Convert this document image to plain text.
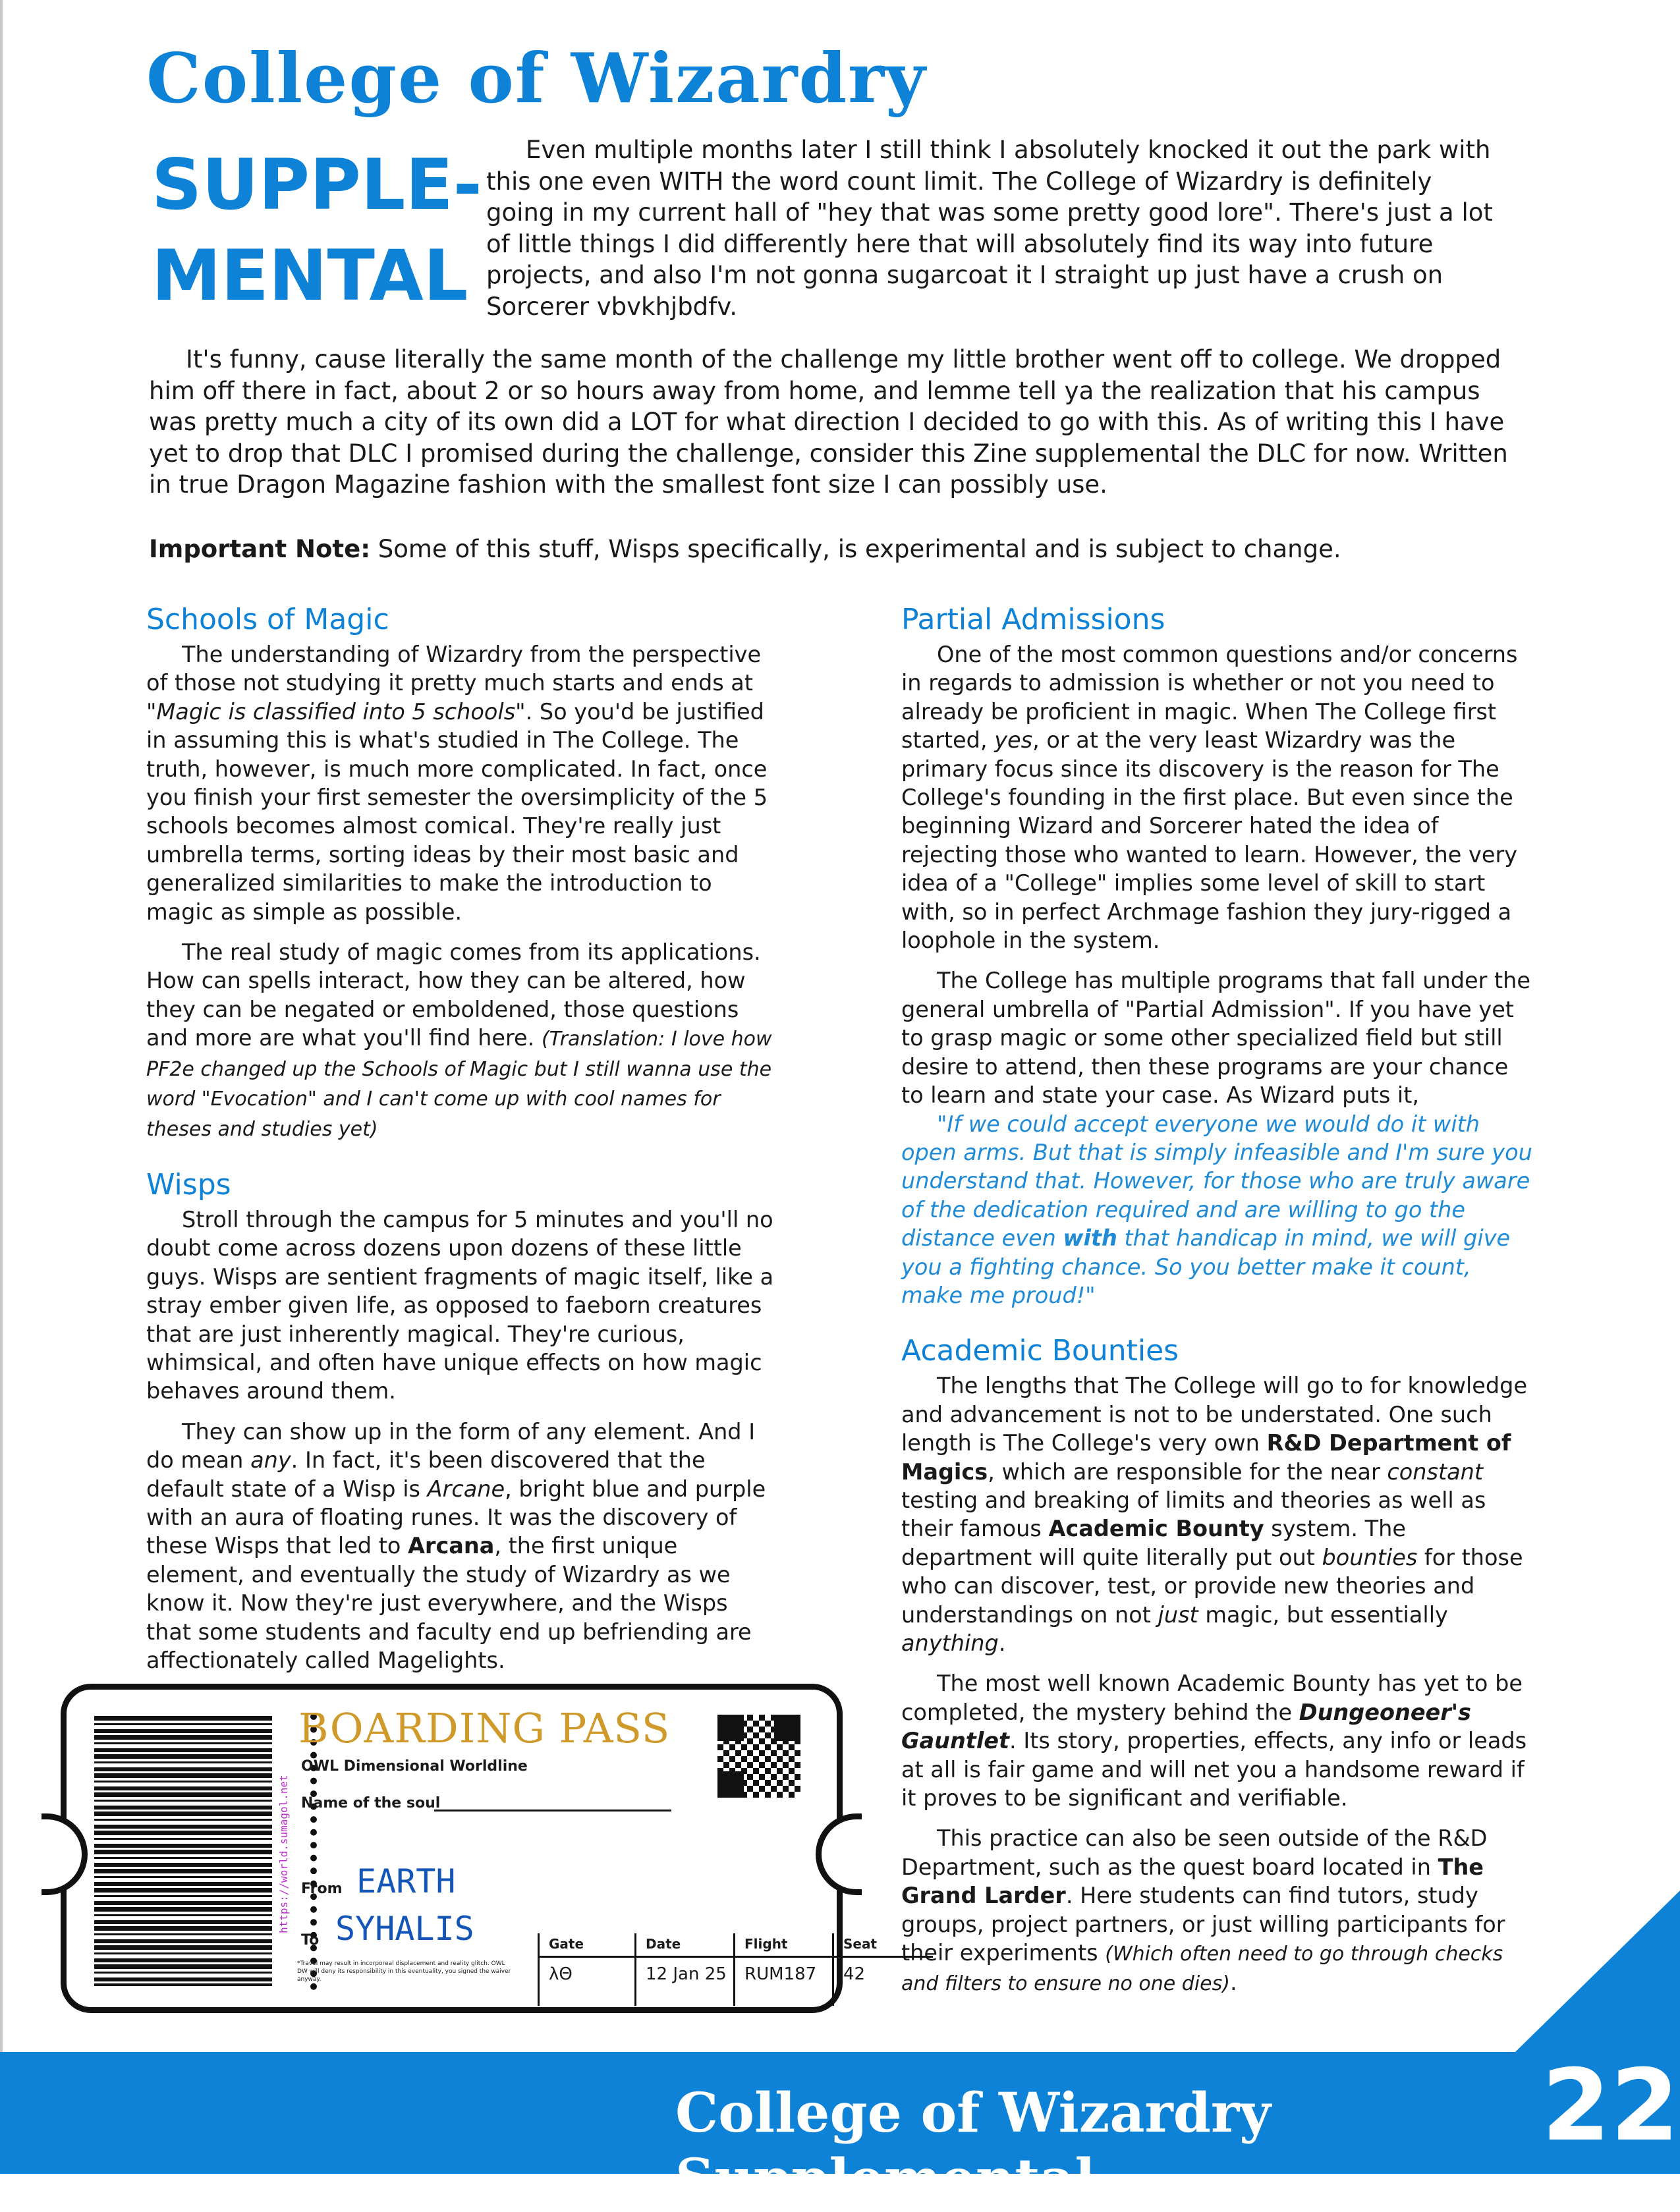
College of Wizardry
SUPPLE-
MENTAL

Even multiple months later I still think I absolutely knocked it out the park with this one even WITH the word count limit. The College of Wizardry is definitely going in my current hall of "hey that was some pretty good lore". There's just a lot of little things I did differently here that will absolutely find its way into future projects, and also I'm not gonna sugarcoat it I straight up just have a crush on Sorcerer vbvkhjbdfv.

It's funny, cause literally the same month of the challenge my little brother went off to college. We dropped him off there in fact, about 2 or so hours away from home, and lemme tell ya the realization that his campus was pretty much a city of its own did a LOT for what direction I decided to go with this. As of writing this I have yet to drop that DLC I promised during the challenge, consider this Zine supplemental the DLC for now. Written in true Dragon Magazine fashion with the smallest font size I can possibly use.

Important Note: Some of this stuff, Wisps specifically, is experimental and is subject to change.

Schools of Magic

The understanding of Wizardry from the perspective of those not studying it pretty much starts and ends at "Magic is classified into 5 schools". So you'd be justified in assuming this is what's studied in The College. The truth, however, is much more complicated. In fact, once you finish your first semester the oversimplicity of the 5 schools becomes almost comical. They're really just umbrella terms, sorting ideas by their most basic and generalized similarities to make the introduction to magic as simple as possible.

The real study of magic comes from its applications. How can spells interact, how they can be altered, how they can be negated or emboldened, those questions and more are what you'll find here. (Translation: I love how PF2e changed up the Schools of Magic but I still wanna use the word "Evocation" and I can't come up with cool names for theses and studies yet)

Wisps

Stroll through the campus for 5 minutes and you'll no doubt come across dozens upon dozens of these little guys. Wisps are sentient fragments of magic itself, like a stray ember given life, as opposed to faeborn creatures that are just inherently magical. They're curious, whimsical, and often have unique effects on how magic behaves around them.

They can show up in the form of any element. And I do mean any. In fact, it's been discovered that the default state of a Wisp is Arcane, bright blue and purple with an aura of floating runes. It was the discovery of these Wisps that led to Arcana, the first unique element, and eventually the study of Wizardry as we know it. Now they're just everywhere, and the Wisps that some students and faculty end up befriending are affectionately called Magelights.

Partial Admissions

One of the most common questions and/or concerns in regards to admission is whether or not you need to already be proficient in magic. When The College first started, yes, or at the very least Wizardry was the primary focus since its discovery is the reason for The College's founding in the first place. But even since the beginning Wizard and Sorcerer hated the idea of rejecting those who wanted to learn. However, the very idea of a "College" implies some level of skill to start with, so in perfect Archmage fashion they jury-rigged a loophole in the system.

The College has multiple programs that fall under the general umbrella of "Partial Admission". If you have yet to grasp magic or some other specialized field but still desire to attend, then these programs are your chance to learn and state your case. As Wizard puts it,

"If we could accept everyone we would do it with open arms. But that is simply infeasible and I'm sure you understand that. However, for those who are truly aware of the dedication required and are willing to go the distance even with that handicap in mind, we will give you a fighting chance. So you better make it count, make me proud!"

Academic Bounties

The lengths that The College will go to for knowledge and advancement is not to be understated. One such length is The College's very own R&D Department of Magics, which are responsible for the near constant testing and breaking of limits and theories as well as their famous Academic Bounty system. The department will quite literally put out bounties for those who can discover, test, or provide new theories and understandings on not just magic, but essentially anything.

The most well known Academic Bounty has yet to be completed, the mystery behind the Dungeoneer's Gauntlet. Its story, properties, effects, any info or leads at all is fair game and will net you a handsome reward if it proves to be significant and verifiable.

This practice can also be seen outside of the R&D Department, such as the quest board located in The Grand Larder. Here students can find tutors, study groups, project partners, or just willing participants for their experiments (Which often need to go through checks and filters to ensure no one dies).

https://world.sumagol.net
BOARDING PASS
OWL Dimensional Worldline
Name of the soul
From EARTH
To SYHALIS
*Travel may result in incorporeal displacement and reality glitch. OWL DW will deny its responsibility in this eventuality, you signed the waiver anyway.
Gate
λΘ
Date
12 Jan 25
Flight
RUM187
Seat
42
College of Wizardry Supplemental
22
